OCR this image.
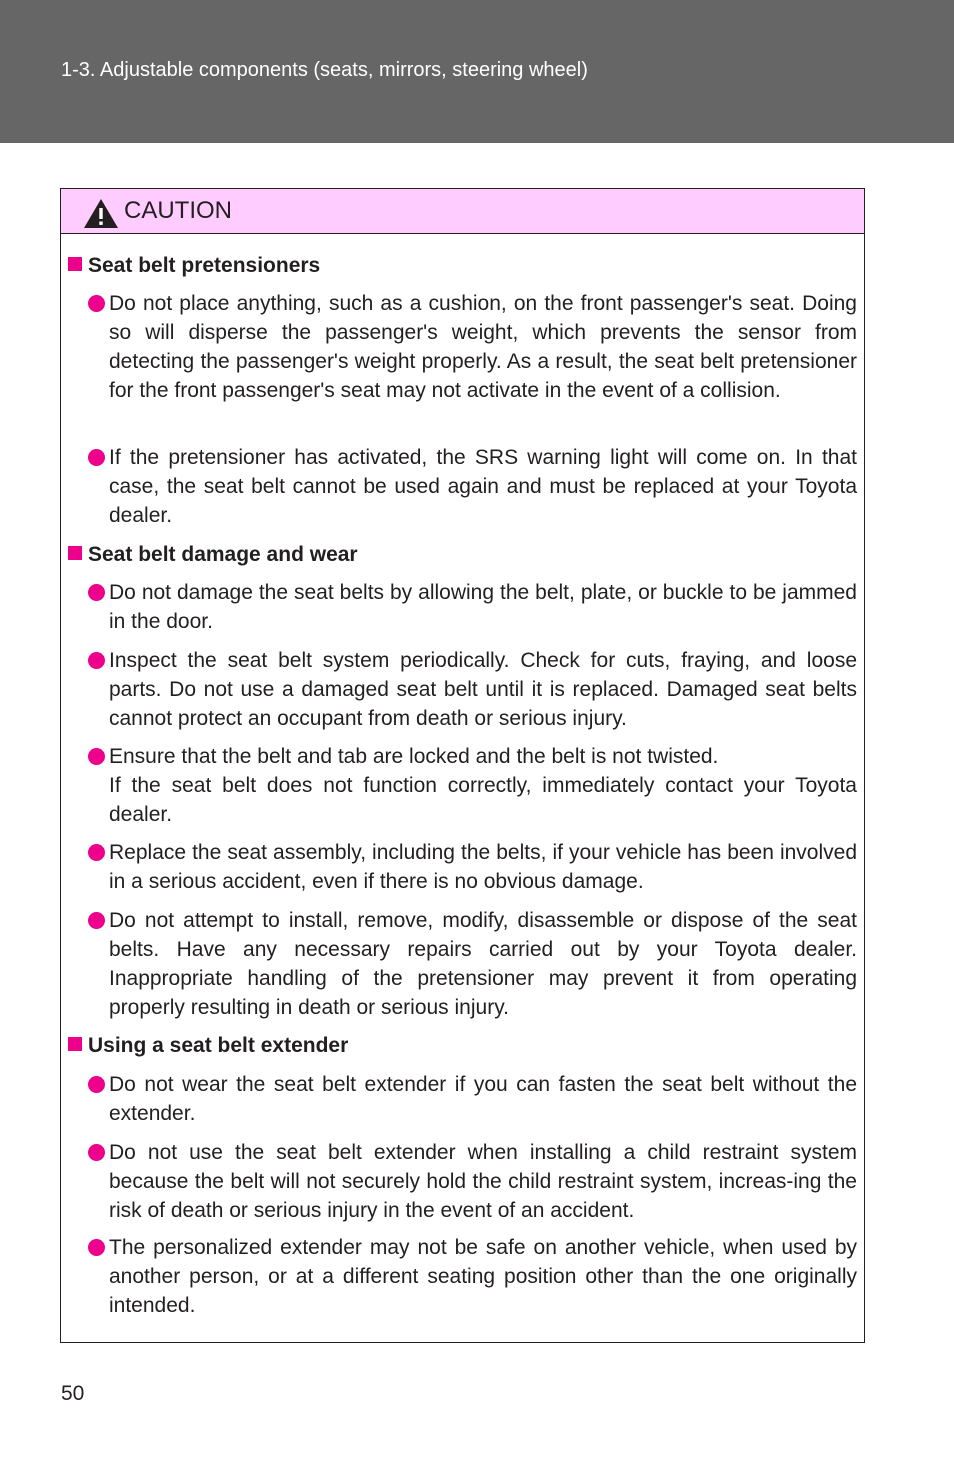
1-3. Adjustable components (seats, mirrors, steering wheel)
CAUTION
Seat belt pretensioners
Do not place anything, such as a cushion, on the front passenger's seat. Doing so will disperse the passenger's weight, which prevents the sensor from detecting the passenger's weight properly. As a result, the seat belt pretensioner for the front passenger's seat may not activate in the event of a collision.
If the pretensioner has activated, the SRS warning light will come on. In that case, the seat belt cannot be used again and must be replaced at your Toyota dealer.
Seat belt damage and wear
Do not damage the seat belts by allowing the belt, plate, or buckle to be jammed in the door.
Inspect the seat belt system periodically. Check for cuts, fraying, and loose parts. Do not use a damaged seat belt until it is replaced. Damaged seat belts cannot protect an occupant from death or serious injury.
Ensure that the belt and tab are locked and the belt is not twisted.
If the seat belt does not function correctly, immediately contact your Toyota dealer.
Replace the seat assembly, including the belts, if your vehicle has been involved in a serious accident, even if there is no obvious damage.
Do not attempt to install, remove, modify, disassemble or dispose of the seat belts. Have any necessary repairs carried out by your Toyota dealer. Inappropriate handling of the pretensioner may prevent it from operating properly resulting in death or serious injury.
Using a seat belt extender
Do not wear the seat belt extender if you can fasten the seat belt without the extender.
Do not use the seat belt extender when installing a child restraint system because the belt will not securely hold the child restraint system, increas-ing the risk of death or serious injury in the event of an accident.
The personalized extender may not be safe on another vehicle, when used by another person, or at a different seating position other than the one originally intended.
50
